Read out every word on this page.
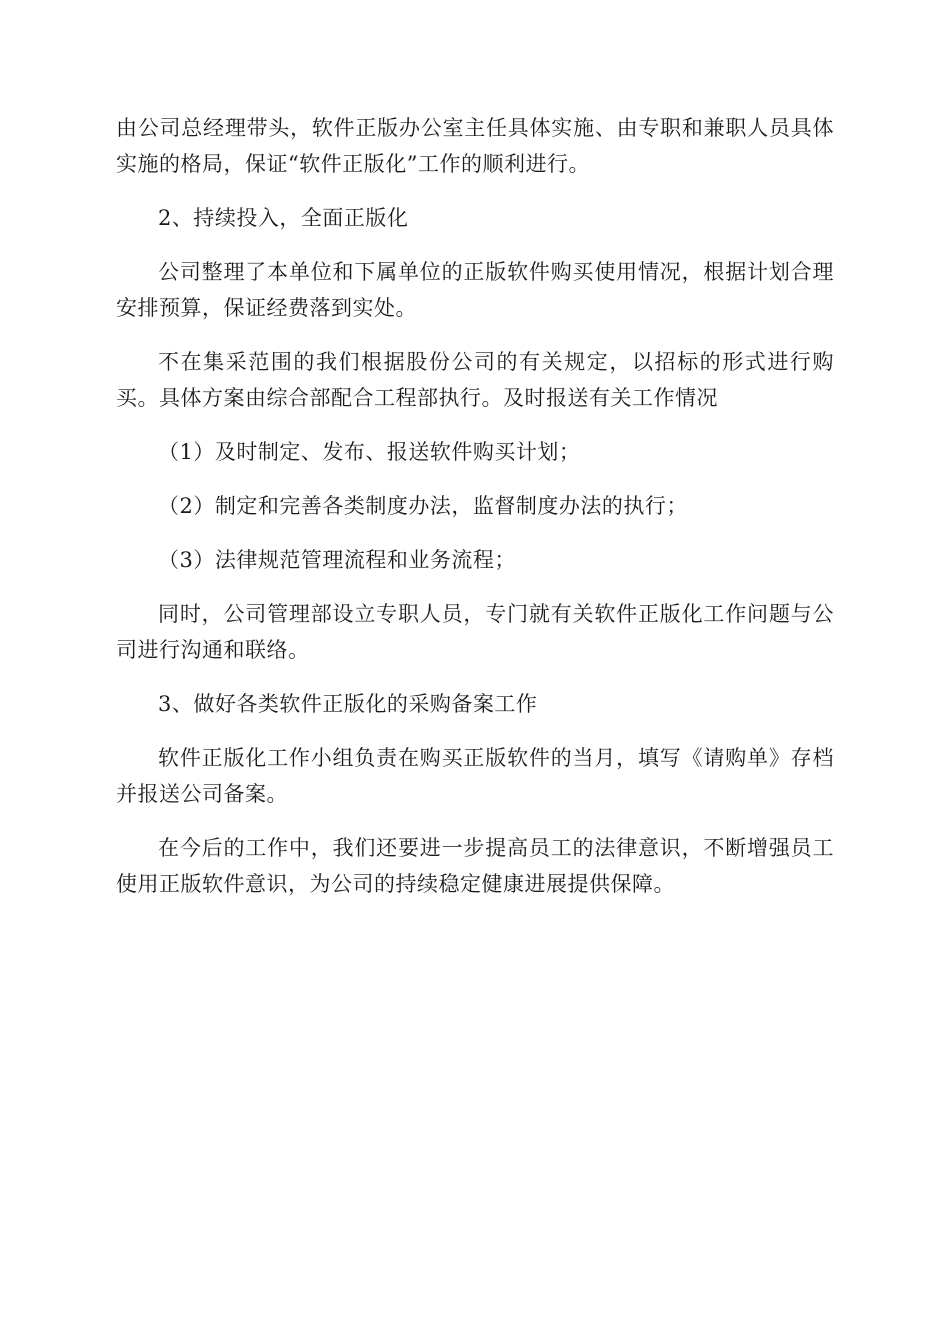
由公司总经理带头，软件正版办公室主任具体实施、由专职和兼职人员具体实施的格局，保证“软件正版化”工作的顺利进行。

2、持续投入，全面正版化

公司整理了本单位和下属单位的正版软件购买使用情况，根据计划合理安排预算，保证经费落到实处。

不在集采范围的我们根据股份公司的有关规定，以招标的形式进行购买。具体方案由综合部配合工程部执行。及时报送有关工作情况

（1）及时制定、发布、报送软件购买计划；

（2）制定和完善各类制度办法，监督制度办法的执行；

（3）法律规范管理流程和业务流程；

同时，公司管理部设立专职人员，专门就有关软件正版化工作问题与公司进行沟通和联络。

3、做好各类软件正版化的采购备案工作

软件正版化工作小组负责在购买正版软件的当月，填写《请购单》存档并报送公司备案。

在今后的工作中，我们还要进一步提高员工的法律意识，不断增强员工使用正版软件意识，为公司的持续稳定健康进展提供保障。
